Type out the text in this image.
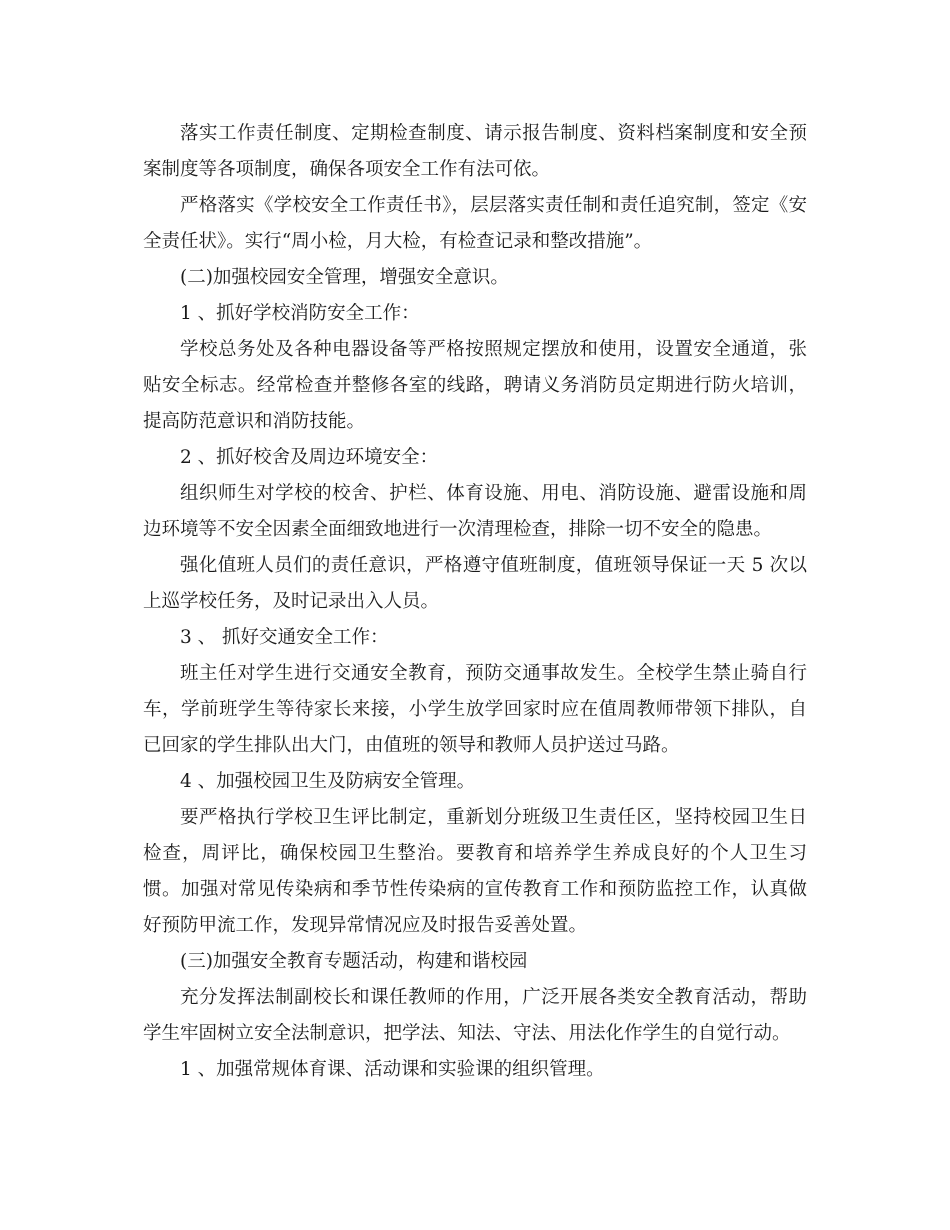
落实工作责任制度、定期检查制度、请示报告制度、资料档案制度和安全预案制度等各项制度，确保各项安全工作有法可依。

严格落实《学校安全工作责任书》，层层落实责任制和责任追究制，签定《安全责任状》。实行“周小检，月大检，有检查记录和整改措施”。

(二)加强校园安全管理，增强安全意识。

1 、抓好学校消防安全工作：

学校总务处及各种电器设备等严格按照规定摆放和使用，设置安全通道，张贴安全标志。经常检查并整修各室的线路，聘请义务消防员定期进行防火培训，提高防范意识和消防技能。

2 、抓好校舍及周边环境安全：

组织师生对学校的校舍、护栏、体育设施、用电、消防设施、避雷设施和周边环境等不安全因素全面细致地进行一次清理检查，排除一切不安全的隐患。

强化值班人员们的责任意识，严格遵守值班制度，值班领导保证一天 5 次以上巡学校任务，及时记录出入人员。

3 、 抓好交通安全工作：

班主任对学生进行交通安全教育，预防交通事故发生。全校学生禁止骑自行车，学前班学生等待家长来接，小学生放学回家时应在值周教师带领下排队，自已回家的学生排队出大门，由值班的领导和教师人员护送过马路。

4 、加强校园卫生及防病安全管理。

要严格执行学校卫生评比制定，重新划分班级卫生责任区，坚持校园卫生日检查，周评比，确保校园卫生整治。要教育和培养学生养成良好的个人卫生习惯。加强对常见传染病和季节性传染病的宣传教育工作和预防监控工作，认真做好预防甲流工作，发现异常情况应及时报告妥善处置。

(三)加强安全教育专题活动，构建和谐校园

充分发挥法制副校长和课任教师的作用，广泛开展各类安全教育活动，帮助学生牢固树立安全法制意识，把学法、知法、守法、用法化作学生的自觉行动。

1 、加强常规体育课、活动课和实验课的组织管理。
